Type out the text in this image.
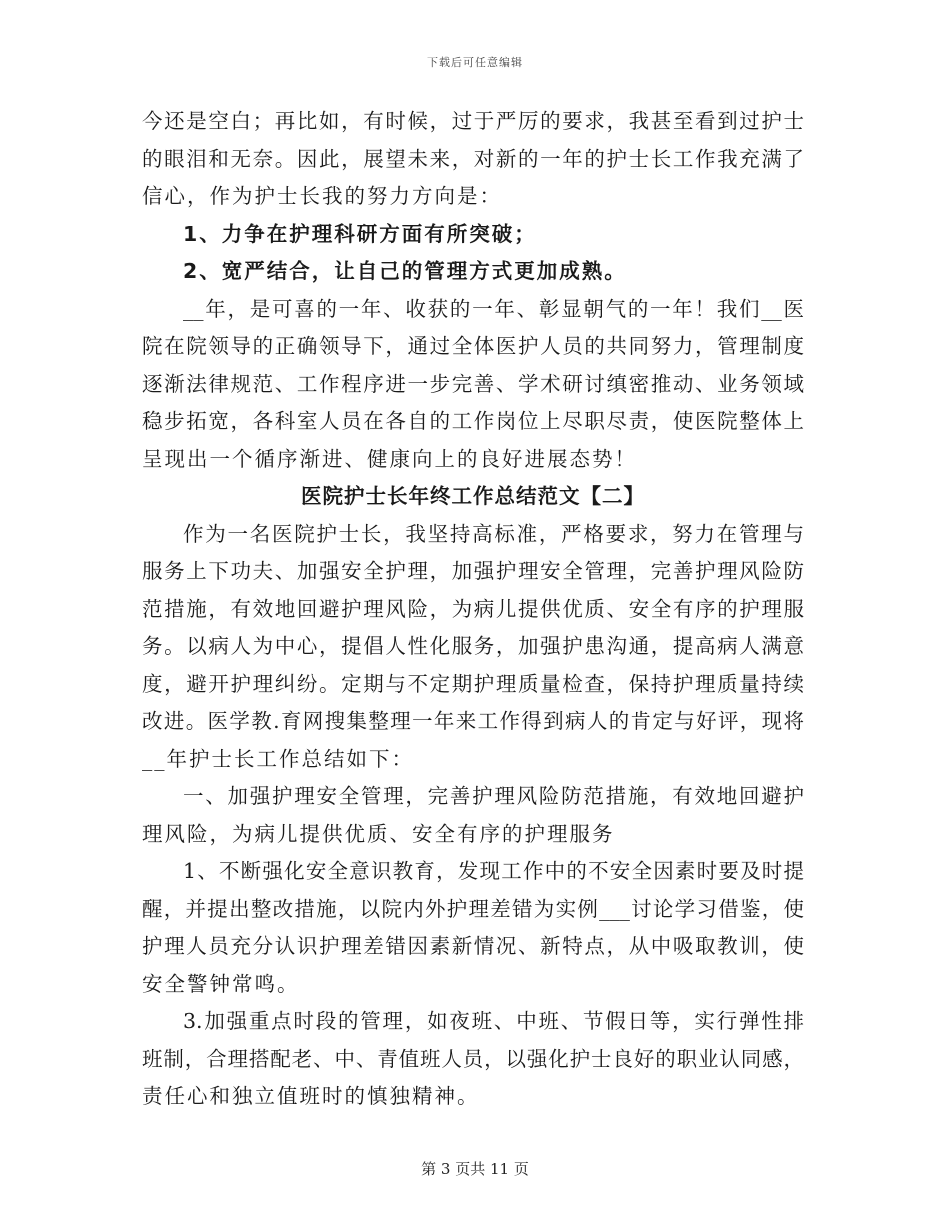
下载后可任意编辑
今还是空白；再比如，有时候，过于严厉的要求，我甚至看到过护士
的眼泪和无奈。因此，展望未来，对新的一年的护士长工作我充满了
信心，作为护士长我的努力方向是：
1、力争在护理科研方面有所突破；
2、宽严结合，让自己的管理方式更加成熟。
__年，是可喜的一年、收获的一年、彰显朝气的一年！我们__医
院在院领导的正确领导下，通过全体医护人员的共同努力，管理制度
逐渐法律规范、工作程序进一步完善、学术研讨缜密推动、业务领域
稳步拓宽，各科室人员在各自的工作岗位上尽职尽责，使医院整体上
呈现出一个循序渐进、健康向上的良好进展态势！
医院护士长年终工作总结范文【二】
作为一名医院护士长，我坚持高标准，严格要求，努力在管理与
服务上下功夫、加强安全护理，加强护理安全管理，完善护理风险防
范措施，有效地回避护理风险，为病儿提供优质、安全有序的护理服
务。以病人为中心，提倡人性化服务，加强护患沟通，提高病人满意
度，避开护理纠纷。定期与不定期护理质量检查，保持护理质量持续
改进。医学教.育网搜集整理一年来工作得到病人的肯定与好评，现将
__年护士长工作总结如下：
一、加强护理安全管理，完善护理风险防范措施，有效地回避护
理风险，为病儿提供优质、安全有序的护理服务
1、不断强化安全意识教育，发现工作中的不安全因素时要及时提
醒，并提出整改措施，以院内外护理差错为实例___讨论学习借鉴，使
护理人员充分认识护理差错因素新情况、新特点，从中吸取教训，使
安全警钟常鸣。
3.加强重点时段的管理，如夜班、中班、节假日等，实行弹性排
班制，合理搭配老、中、青值班人员，以强化护士良好的职业认同感，
责任心和独立值班时的慎独精神。
第 3 页共 11 页
